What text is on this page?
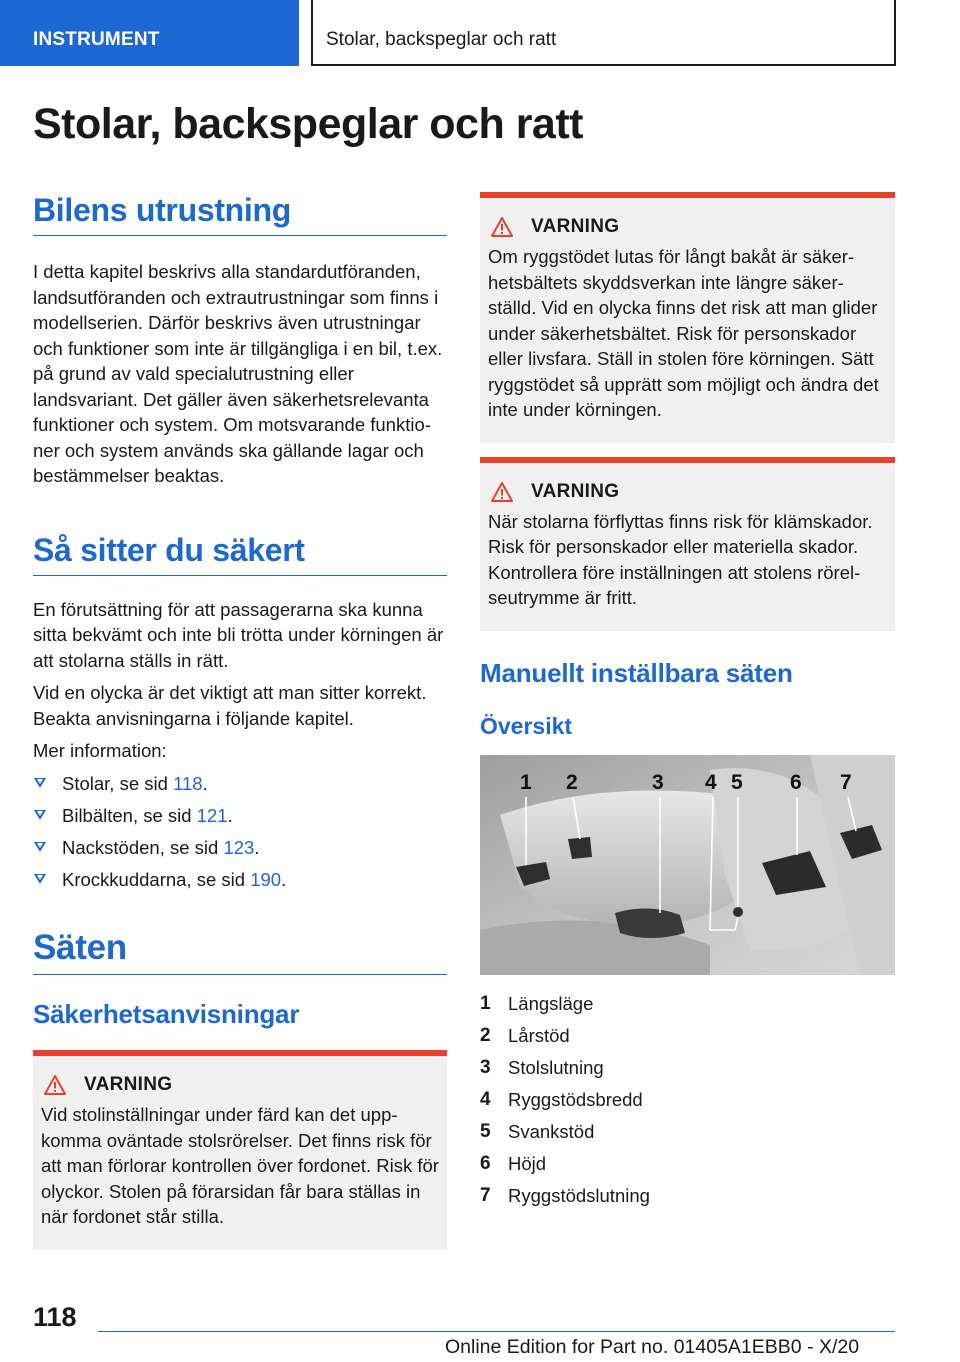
INSTRUMENT	Stolar, backspeglar och ratt
Stolar, backspeglar och ratt
Bilens utrustning

I detta kapitel beskrivs alla standardutföranden, landsutföranden och extrautrustningar som finns i modellserien. Därför beskrivs även utrustningar och funktioner som inte är tillgängliga i en bil, t.ex. på grund av vald specialutrustning eller landsvariant. Det gäller även säkerhetsrelevanta funktioner och system. Om motsvarande funktio-ner och system används ska gällande lagar och bestämmelser beaktas.

Så sitter du säkert

En förutsättning för att passagerarna ska kunna sitta bekvämt och inte bli trötta under körningen är att stolarna ställs in rätt.

Vid en olycka är det viktigt att man sitter korrekt. Beakta anvisningarna i följande kapitel.

Mer information:

Stolar, se sid 118.
Bilbälten, se sid 121.
Nackstöden, se sid 123.
Krockkuddarna, se sid 190.
Säten
Säkerhetsanvisningar
VARNING

Vid stolinställningar under färd kan det upp-komma oväntade stolsrörelser. Det finns risk för att man förlorar kontrollen över fordonet. Risk för olyckor. Stolen på förarsidan får bara ställas in när fordonet står stilla.

VARNING

Om ryggstödet lutas för långt bakåt är säker-hetsbältets skyddsverkan inte längre säker-ställd. Vid en olycka finns det risk att man glider under säkerhetsbältet. Risk för personskador eller livsfara. Ställ in stolen före körningen. Sätt ryggstödet så upprätt som möjligt och ändra det inte under körningen.

VARNING

När stolarna förflyttas finns risk för klämskador. Risk för personskador eller materiella skador. Kontrollera före inställningen att stolens rörel-seutrymme är fritt.

Manuellt inställbara säten
Översikt
1 2	3 4 5 6 7
1 Längsläge
2 Lårstöd
3 Stolslutning
4 Ryggstödsbredd
5 Svankstöd
6 Höjd
7 Ryggstödslutning
118
Online Edition for Part no. 01405A1EBB0 - X/20
